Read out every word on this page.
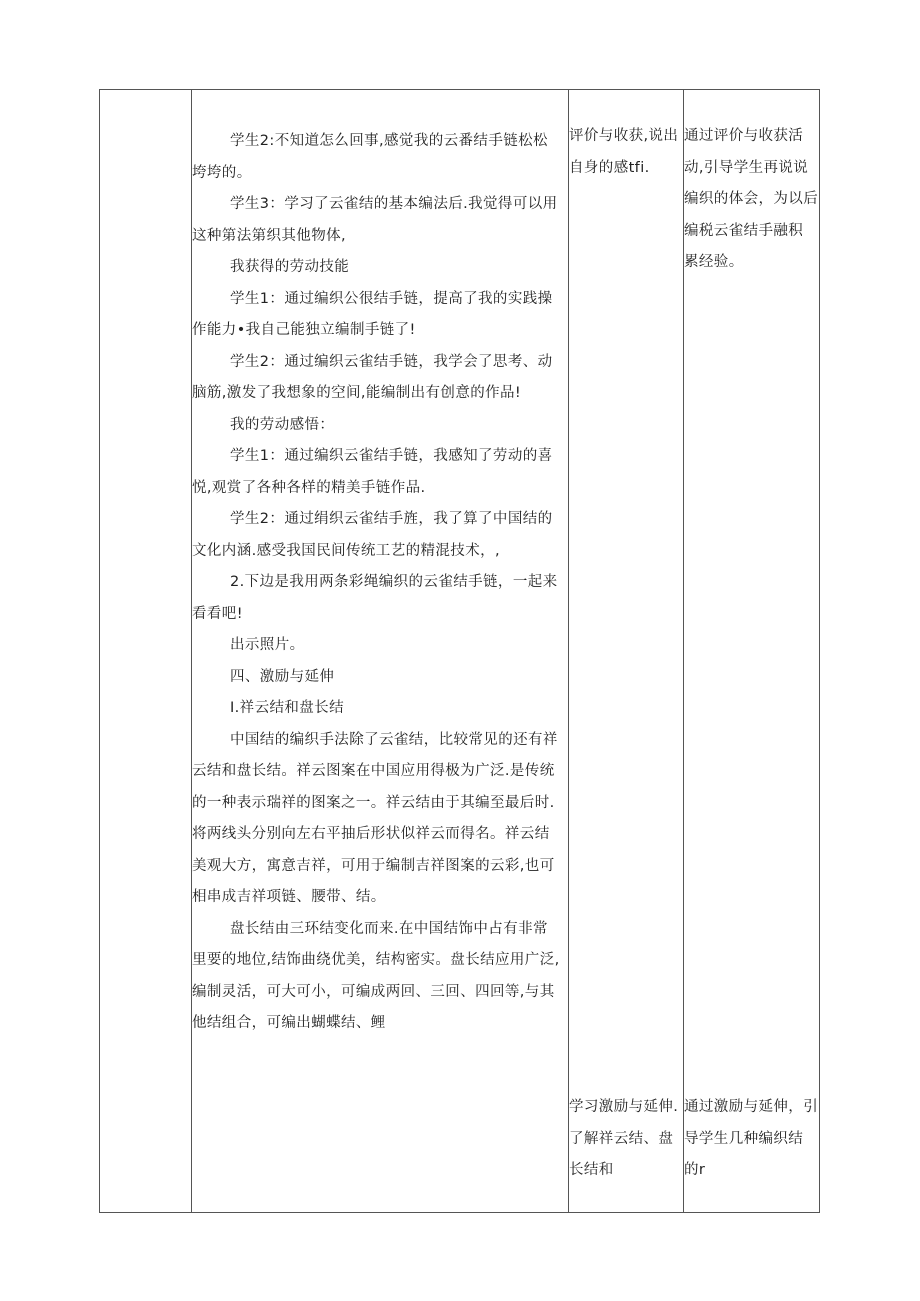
学生2:不知道怎么回事,感觉我的云番结手链松松

垮垮的。

学生3：学习了云雀结的基本编法后.我觉得可以用

这种第法第织其他物体,

我获得的劳动技能

学生1：通过编织公很结手链，提高了我的实践操

作能力•我自己能独立编制手链了!

学生2：通过编织云雀结手链，我学会了思考、动

脑筋,激发了我想象的空间,能编制出有创意的作品!

我的劳动感悟：

学生1：通过编织云雀结手链，我感知了劳动的喜

悦,观赏了各种各样的精美手链作品.

学生2：通过绢织云雀结手旌，我了算了中国结的

文化内涵.感受我国民间传统工艺的精混技术，,

2.下边是我用两条彩绳编织的云雀结手链，一起来

看看吧!

出示照片。

四、激励与延伸

I.祥云结和盘长结

中国结的编织手法除了云雀结，比较常见的还有祥

云结和盘长结。祥云图案在中国应用得极为广泛.是传统

的一种表示瑞祥的图案之一。祥云结由于其编至最后时.

将两线头分别向左右平抽后形状似祥云而得名。祥云结

美观大方，寓意吉祥，可用于编制吉祥图案的云彩,也可

相串成吉祥项链、腰带、结。

盘长结由三环结变化而来.在中国结饰中占有非常

里要的地位,结饰曲绕优美，结构密实。盘长结应用广泛,

编制灵活，可大可小，可编成两回、三回、四回等,与其

他结组合，可编出蝴蝶结、鲤

评价与收获,说出

自身的感tfi.

学习激励与延伸.

了解祥云结、盘

长结和

通过评价与收获活

动,引导学生再说说

编织的体会，为以后

编税云雀结手融积

累经验。

通过激励与延伸，引

导学生几种编织结

的r
